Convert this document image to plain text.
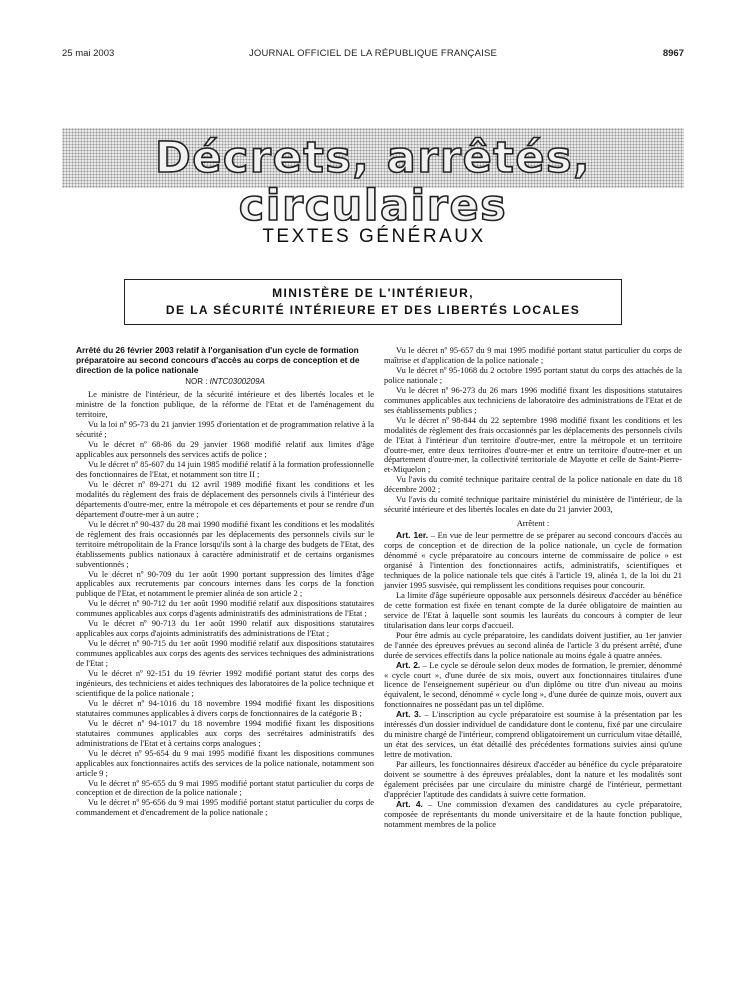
25 mai 2003	JOURNAL OFFICIEL DE LA RÉPUBLIQUE FRANÇAISE	8967
Décrets, arrêtés, circulaires
TEXTES GÉNÉRAUX
MINISTÈRE DE L'INTÉRIEUR,
DE LA SÉCURITÉ INTÉRIEURE ET DES LIBERTÉS LOCALES

Arrêté du 26 février 2003 relatif à l'organisation d'un cycle de formation préparatoire au second concours d'accès au corps de conception et de direction de la police nationale

NOR : INTC0300209A

Le ministre de l'intérieur, de la sécurité intérieure et des libertés locales et le ministre de la fonction publique, de la réforme de l'Etat et de l'aménagement du territoire,

Vu la loi nº 95-73 du 21 janvier 1995 d'orientation et de programmation relative à la sécurité ;

Vu le décret nº 68-86 du 29 janvier 1968 modifié relatif aux limites d'âge applicables aux personnels des services actifs de police ;

Vu le décret nº 85-607 du 14 juin 1985 modifié relatif à la formation professionnelle des fonctionnaires de l'Etat, et notamment son titre II ;

Vu le décret nº 89-271 du 12 avril 1989 modifié fixant les conditions et les modalités du règlement des frais de déplacement des personnels civils à l'intérieur des départements d'outre-mer, entre la métropole et ces départements et pour se rendre d'un département d'outre-mer à un autre ;

Vu le décret nº 90-437 du 28 mai 1990 modifié fixant les conditions et les modalités de règlement des frais occasionnés par les déplacements des personnels civils sur le territoire métropolitain de la France lorsqu'ils sont à la charge des budgets de l'Etat, des établissements publics nationaux à caractère administratif et de certains organismes subventionnés ;

Vu le décret nº 90-709 du 1er août 1990 portant suppression des limites d'âge applicables aux recrutements par concours internes dans les corps de la fonction publique de l'Etat, et notamment le premier alinéa de son article 2 ;

Vu le décret nº 90-712 du 1er août 1990 modifié relatif aux dispositions statutaires communes applicables aux corps d'agents administratifs des administrations de l'Etat ;

Vu le décret nº 90-713 du 1er août 1990 relatif aux dispositions statutaires applicables aux corps d'ajoints administratifs des administrations de l'Etat ;

Vu le décret nº 90-715 du 1er août 1990 modifié relatif aux dispositions statutaires communes applicables aux corps des agents des services techniques des administrations de l'Etat ;

Vu le décret nº 92-151 du 19 février 1992 modifié portant statut des corps des ingénieurs, des techniciens et aides techniques des laboratoires de la police technique et scientifique de la police nationale ;

Vu le décret nº 94-1016 du 18 novembre 1994 modifié fixant les dispositions statutaires communes applicables à divers corps de fonctionnaires de la catégorie B ;

Vu le décret nº 94-1017 du 18 novembre 1994 modifié fixant les dispositions statutaires communes applicables aux corps des secrétaires administratifs des administrations de l'Etat et à certains corps analogues ;

Vu le décret nº 95-654 du 9 mai 1995 modifié fixant les dispositions communes applicables aux fonctionnaires actifs des services de la police nationale, notamment son article 9 ;

Vu le décret nº 95-655 du 9 mai 1995 modifié portant statut particulier du corps de conception et de direction de la police nationale ;

Vu le décret nº 95-656 du 9 mai 1995 modifié portant statut particulier du corps de commandement et d'encadrement de la police nationale ;

Vu le décret nº 95-657 du 9 mai 1995 modifié portant statut particulier du corps de maîtrise et d'application de la police nationale ;

Vu le décret nº 95-1068 du 2 octobre 1995 portant statut du corps des attachés de la police nationale ;

Vu le décret nº 96-273 du 26 mars 1996 modifié fixant les dispositions statutaires communes applicables aux techniciens de laboratoire des administrations de l'Etat et de ses établissements publics ;

Vu le décret nº 98-844 du 22 septembre 1998 modifié fixant les conditions et les modalités de règlement des frais occasionnés par les déplacements des personnels civils de l'Etat à l'intérieur d'un territoire d'outre-mer, entre la métropole et un territoire d'outre-mer, entre deux territoires d'outre-mer et entre un territoire d'outre-mer et un département d'outre-mer, la collectivité territoriale de Mayotte et celle de Saint-Pierre-et-Miquelon ;

Vu l'avis du comité technique paritaire central de la police nationale en date du 18 décembre 2002 ;

Vu l'avis du comité technique paritaire ministériel du ministère de l'intérieur, de la sécurité intérieure et des libertés locales en date du 21 janvier 2003,

Arrêtent :

Art. 1er. – En vue de leur permettre de se préparer au second concours d'accès au corps de conception et de direction de la police nationale, un cycle de formation dénommé « cycle préparatoire au concours interne de commissaire de police » est organisé à l'intention des fonctionnaires actifs, administratifs, scientifiques et techniques de la police nationale tels que cités à l'article 19, alinéa 1, de la loi du 21 janvier 1995 susvisée, qui remplissent les conditions requises pour concourir.

La limite d'âge supérieure opposable aux personnels désireux d'accéder au bénéfice de cette formation est fixée en tenant compte de la durée obligatoire de maintien au service de l'Etat à laquelle sont soumis les lauréats du concours à compter de leur titularisation dans leur corps d'accueil.

Pour être admis au cycle préparatoire, les candidats doivent justifier, au 1er janvier de l'année des épreuves prévues au second alinéa de l'article 3 du présent arrêté, d'une durée de services effectifs dans la police nationale au moins égale à quatre années.

Art. 2. – Le cycle se déroule selon deux modes de formation, le premier, dénommé « cycle court », d'une durée de six mois, ouvert aux fonctionnaires titulaires d'une licence de l'enseignement supérieur ou d'un diplôme ou titre d'un niveau au moins équivalent, le second, dénommé « cycle long », d'une durée de quinze mois, ouvert aux fonctionnaires ne possédant pas un tel diplôme.

Art. 3. – L'inscription au cycle préparatoire est soumise à la présentation par les intéressés d'un dossier individuel de candidature dont le contenu, fixé par une circulaire du ministre chargé de l'intérieur, comprend obligatoirement un curriculum vitae détaillé, un état des services, un état détaillé des précédentes formations suivies ainsi qu'une lettre de motivation.

Par ailleurs, les fonctionnaires désireux d'accéder au bénéfice du cycle préparatoire doivent se soumettre à des épreuves préalables, dont la nature et les modalités sont également précisées par une circulaire du ministre chargé de l'intérieur, permettant d'apprécier l'aptitude des candidats à suivre cette formation.

Art. 4. – Une commission d'examen des candidatures au cycle préparatoire, composée de représentants du monde universitaire et de la haute fonction publique, notamment membres de la police
